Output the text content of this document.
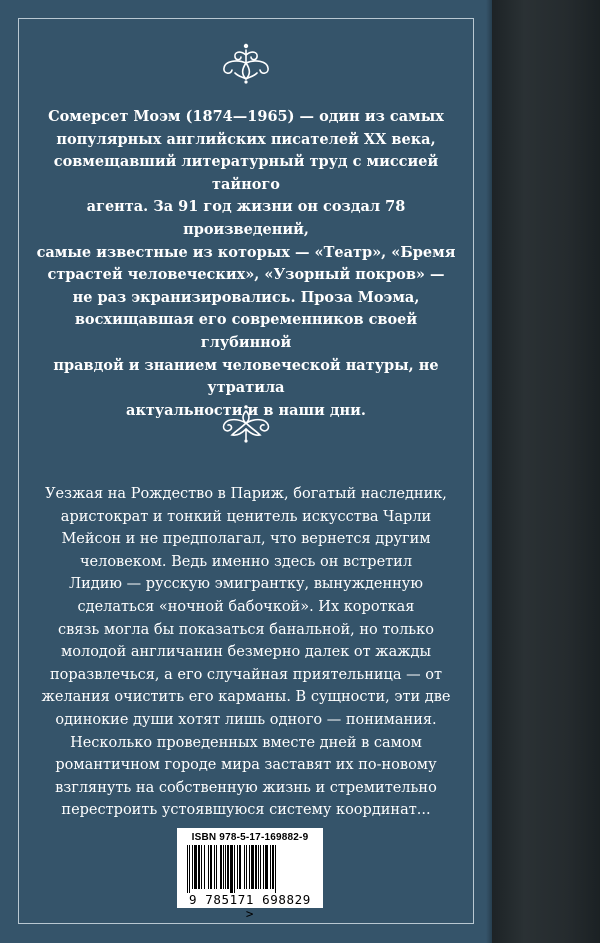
Сомерсет Моэм (1874—1965) — один из самых
популярных английских писателей XX века,
совмещавший литературный труд с миссией тайного
агента. За 91 год жизни он создал 78 произведений,
самые известные из которых — «Театр», «Бремя
страстей человеческих», «Узорный покров» —
не раз экранизировались. Проза Моэма,
восхищавшая его современников своей глубинной
правдой и знанием человеческой натуры, не утратила
актуальности и в наши дни.

Уезжая на Рождество в Париж, богатый наследник,
аристократ и тонкий ценитель искусства Чарли
Мейсон и не предполагал, что вернется другим
человеком. Ведь именно здесь он встретил
Лидию — русскую эмигрантку, вынужденную
сделаться «ночной бабочкой». Их короткая
связь могла бы показаться банальной, но только
молодой англичанин безмерно далек от жажды
поразвлечься, а его случайная приятельница — от
желания очистить его карманы. В сущности, эти две
одинокие души хотят лишь одного — понимания.
Несколько проведенных вместе дней в самом
романтичном городе мира заставят их по-новому
взглянуть на собственную жизнь и стремительно
перестроить устоявшуюся систему координат...

ISBN 978-5-17-169882-9
9 785171 698829 >
